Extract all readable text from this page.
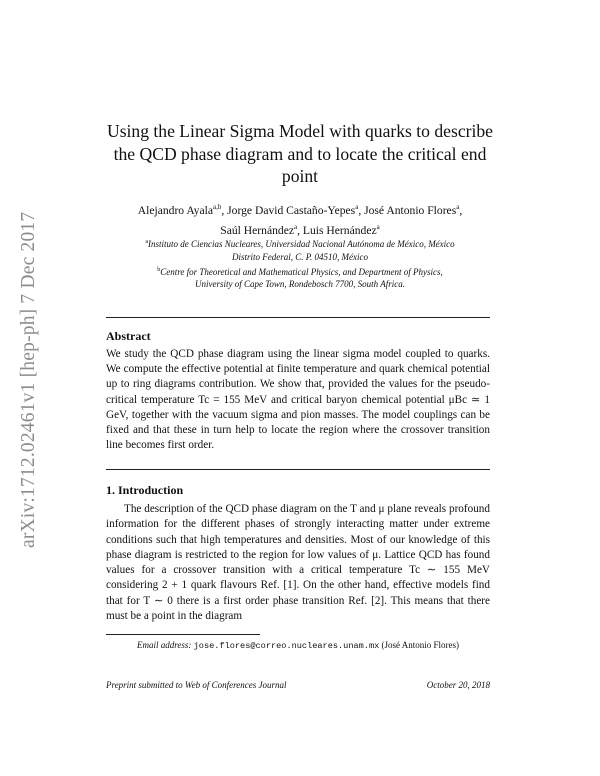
arXiv:1712.02461v1 [hep-ph] 7 Dec 2017
Using the Linear Sigma Model with quarks to describe
the QCD phase diagram and to locate the critical end
point
Alejandro Ayala$^{a,b}$, Jorge David Castaño-Yepes$^a$, José Antonio Flores$^a$,
Saúl Hernández$^a$, Luis Hernández$^a$
$^a$Instituto de Ciencias Nucleares, Universidad Nacional Autónoma de México, México
Distrito Federal, C. P. 04510, México
$^b$Centre for Theoretical and Mathematical Physics, and Department of Physics,
University of Cape Town, Rondebosch 7700, South Africa.
Abstract
We study the QCD phase diagram using the linear sigma model coupled to quarks. We compute the effective potential at finite temperature and quark chemical potential up to ring diagrams contribution. We show that, provided the values for the pseudo-critical temperature Tc = 155 MeV and critical baryon chemical potential μBc ≃ 1 GeV, together with the vacuum sigma and pion masses. The model couplings can be fixed and that these in turn help to locate the region where the crossover transition line becomes first order.
1. Introduction
The description of the QCD phase diagram on the T and μ plane reveals profound information for the different phases of strongly interacting matter under extreme conditions such that high temperatures and densities. Most of our knowledge of this phase diagram is restricted to the region for low values of μ. Lattice QCD has found values for a crossover transition with a critical temperature Tc ∼ 155 MeV considering 2 + 1 quark flavours Ref. [1]. On the other hand, effective models find that for T ∼ 0 there is a first order phase transition Ref. [2]. This means that there must be a point in the diagram
Email address: jose.flores@correo.nucleares.unam.mx (José Antonio Flores)
Preprint submitted to Web of Conferences Journal	October 20, 2018
